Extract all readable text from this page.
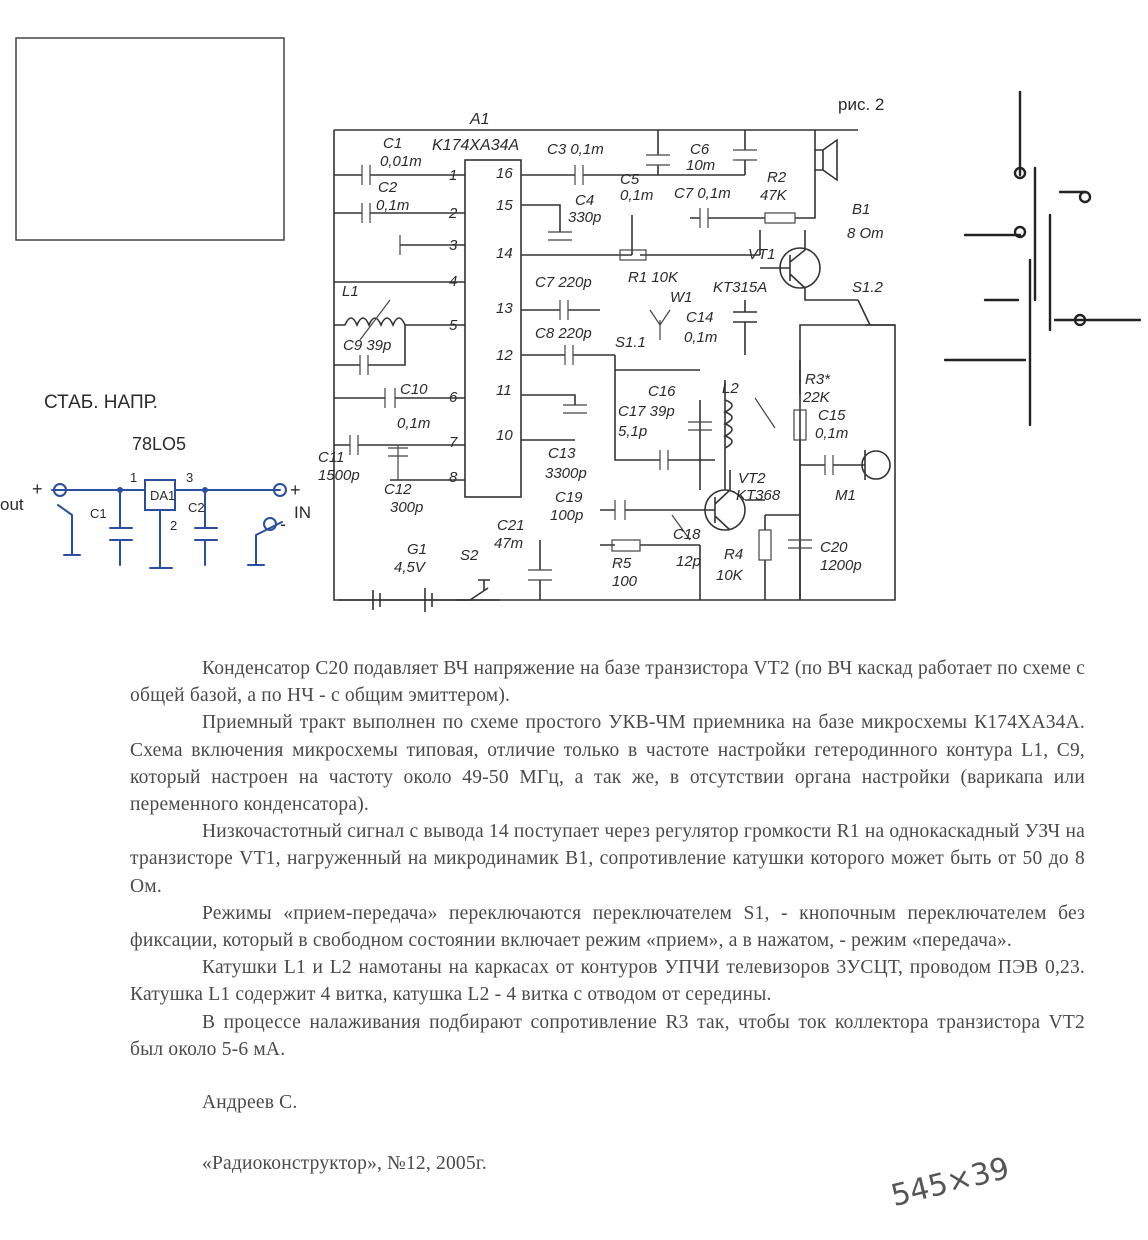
рис. 2
A1
K174XA34A
1
2
3
4
5
6
7
8
16
15
14
13
12
11
10
C1
0,01m
C2
0,1m
L1
C9 39p
C10
0,1m
C11
1500p
C12
300p
C3 0,1m
C4
330p
C5
0,1m
C6
10m
C7 0,1m
R2
47K
B1
8 Om
VT1
R1 10K
KT315A	S1.2
C7 220p
W1
C14
0,1m
C8 220p
S1.1
C16
C17 39p
5,1p
L2
R3*
22K
C15
0,1m
C13
3300p	VT2
KT368	M1
C19
100p
C18
12p
C21
47m	C20
1200p
R4
10K
R5
100
G1
4,5V
S2
СТАБ. НАПР.
78LO5
DA1
1	3
2
C1	C2
out	IN
+	+
-

Конденсатор С20 подавляет ВЧ напряжение на базе транзистора VT2 (по ВЧ каскад работает по схеме с общей базой, а по НЧ - с общим эмиттером).

Приемный тракт выполнен по схеме простого УКВ-ЧМ приемника на базе микросхемы К174ХА34А. Схема включения микросхемы типовая, отличие только в частоте настройки гетеродинного контура L1, С9, который настроен на частоту около 49-50 МГц, а так же, в отсутствии органа настройки (варикапа или переменного конденсатора).

Низкочастотный сигнал с вывода 14 поступает через регулятор громкости R1 на однокаскадный УЗЧ на транзисторе VT1, нагруженный на микродинамик B1, сопротивление катушки которого может быть от 50 до 8 Ом.

Режимы «прием-передача» переключаются переключателем S1, - кнопочным переключателем без фиксации, который в свободном состоянии включает режим «прием», а в нажатом, - режим «передача».

Катушки L1 и L2 намотаны на каркасах от контуров УПЧИ телевизоров 3УСЦТ, проводом ПЭВ 0,23. Катушка L1 содержит 4 витка, катушка L2 - 4 витка с отводом от середины.

В процессе налаживания подбирают сопротивление R3 так, чтобы ток коллектора транзистора VT2 был около 5-6 мА.

Андреев С.

«Радиоконструктор», №12, 2005г.	545×39
